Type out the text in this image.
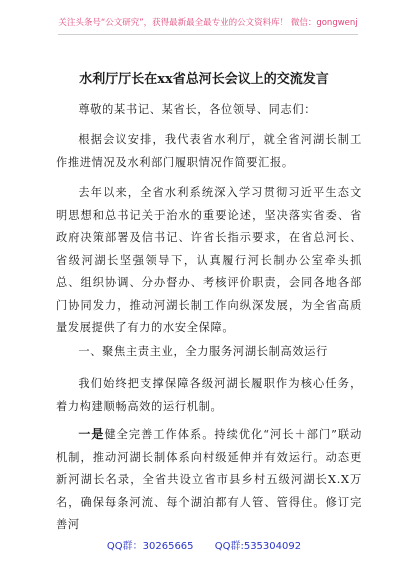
关注头条号“公文研究”，获得最新最全最专业的公文资料库！ 微信：gongwenj
水利厅厅长在xx省总河长会议上的交流发言
尊敬的某书记、某省长，各位领导、同志们：
根据会议安排，我代表省水利厅，就全省河湖长制工作推进情况及水利部门履职情况作简要汇报。
去年以来，全省水利系统深入学习贯彻习近平生态文明思想和总书记关于治水的重要论述，坚决落实省委、省政府决策部署及信书记、许省长指示要求，在省总河长、省级河湖长坚强领导下，认真履行河长制办公室牵头抓总、组织协调、分办督办、考核评价职责，会同各地各部门协同发力，推动河湖长制工作向纵深发展，为全省高质量发展提供了有力的水安全保障。
一、聚焦主责主业，全力服务河湖长制高效运行
我们始终把支撑保障各级河湖长履职作为核心任务，着力构建顺畅高效的运行机制。
一是健全完善工作体系。持续优化“河长＋部门”联动机制，推动河湖长制体系向村级延伸并有效运行。动态更新河湖长名录，全省共设立省市县乡村五级河湖长X.X万名，确保每条河流、每个湖泊都有人管、管得住。修订完善河
QQ群：30265665 QQ群:535304092
